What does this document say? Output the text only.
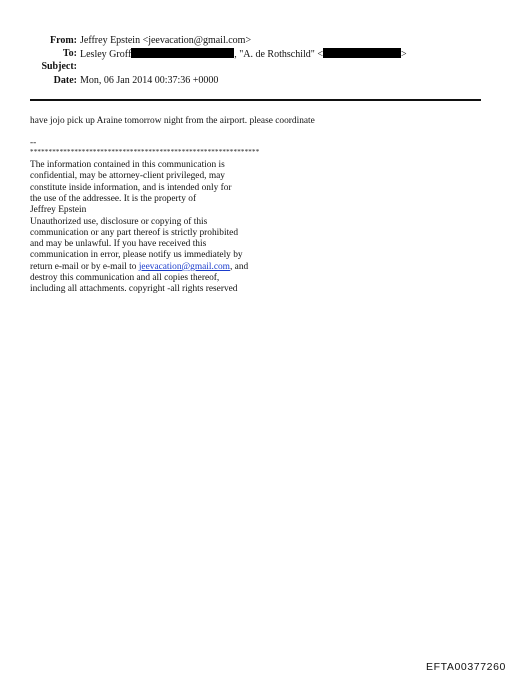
From: Jeffrey Epstein <jeevacation@gmail.com>
To: Lesley Groff	, "A. de Rothschild" <	>
Subject:
Date: Mon, 06 Jan 2014 00:37:36 +0000
have jojo pick up Araine tomorrow night from the airport. please coordinate
--
**************************************************************
The information contained in this communication is
confidential, may be attorney-client privileged, may
constitute inside information, and is intended only for
the use of the addressee. It is the property of
Jeffrey Epstein
Unauthorized use, disclosure or copying of this
communication or any part thereof is strictly prohibited
and may be unlawful. If you have received this
communication in error, please notify us immediately by
return e-mail or by e-mail to jeevacation@gmail.com, and
destroy this communication and all copies thereof,
including all attachments. copyright -all rights reserved
EFTA00377260
